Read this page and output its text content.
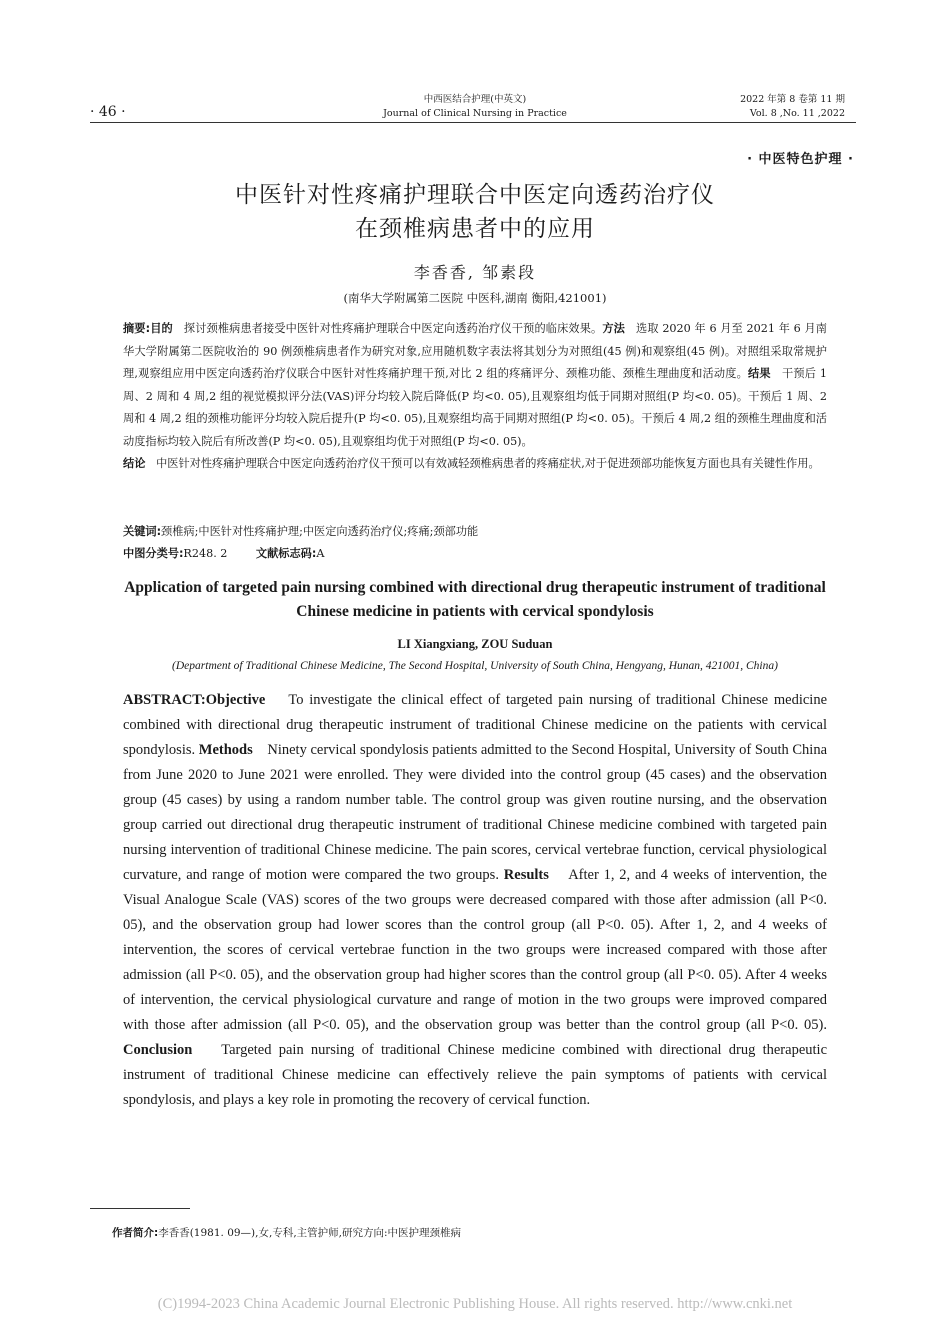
· 46 ·
中西医结合护理(中英文)
Journal of Clinical Nursing in Practice
2022 年第 8 卷第 11 期
Vol. 8 ,No. 11 ,2022
· 中医特色护理 ·
中医针对性疼痛护理联合中医定向透药治疗仪
在颈椎病患者中的应用
李香香, 邹素段
(南华大学附属第二医院 中医科,湖南 衡阳,421001)
摘要:目的 探讨颈椎病患者接受中医针对性疼痛护理联合中医定向透药治疗仪干预的临床效果。方法 选取 2020 年 6 月至 2021 年 6 月南华大学附属第二医院收治的 90 例颈椎病患者作为研究对象,应用随机数字表法将其划分为对照组(45 例)和观察组(45 例)。对照组采取常规护理,观察组应用中医定向透药治疗仪联合中医针对性疼痛护理干预,对比 2 组的疼痛评分、颈椎功能、颈椎生理曲度和活动度。结果 干预后 1 周、2 周和 4 周,2 组的视觉模拟评分法(VAS)评分均较入院后降低(P 均<0. 05),且观察组均低于同期对照组(P 均<0. 05)。干预后 1 周、2 周和 4 周,2 组的颈椎功能评分均较入院后提升(P 均<0. 05),且观察组均高于同期对照组(P 均<0. 05)。干预后 4 周,2 组的颈椎生理曲度和活动度指标均较入院后有所改善(P 均<0. 05),且观察组均优于对照组(P 均<0. 05)。
结论 中医针对性疼痛护理联合中医定向透药治疗仪干预可以有效减轻颈椎病患者的疼痛症状,对于促进颈部功能恢复方面也具有关键性作用。
关键词:颈椎病;中医针对性疼痛护理;中医定向透药治疗仪;疼痛;颈部功能
中图分类号:R248. 2	文献标志码:A
Application of targeted pain nursing combined with directional drug therapeutic instrument of traditional Chinese medicine in patients with cervical spondylosis
LI Xiangxiang, ZOU Suduan
(Department of Traditional Chinese Medicine, The Second Hospital, University of South China, Hengyang, Hunan, 421001, China)
ABSTRACT:Objective To investigate the clinical effect of targeted pain nursing of traditional Chinese medicine combined with directional drug therapeutic instrument of traditional Chinese medicine on the patients with cervical spondylosis. Methods Ninety cervical spondylosis patients admitted to the Second Hospital, University of South China from June 2020 to June 2021 were enrolled. They were divided into the control group (45 cases) and the observation group (45 cases) by using a random number table. The control group was given routine nursing, and the observation group carried out directional drug therapeutic instrument of traditional Chinese medicine combined with targeted pain nursing intervention of traditional Chinese medicine. The pain scores, cervical vertebrae function, cervical physiological curvature, and range of motion were compared the two groups. Results After 1, 2, and 4 weeks of intervention, the Visual Analogue Scale (VAS) scores of the two groups were decreased compared with those after admission (all P<0. 05), and the observation group had lower scores than the control group (all P<0. 05). After 1, 2, and 4 weeks of intervention, the scores of cervical vertebrae function in the two groups were increased compared with those after admission (all P<0. 05), and the observation group had higher scores than the control group (all P<0. 05). After 4 weeks of intervention, the cervical physiological curvature and range of motion in the two groups were improved compared with those after admission (all P<0. 05), and the observation group was better than the control group (all P<0. 05). Conclusion Targeted pain nursing of traditional Chinese medicine combined with directional drug therapeutic instrument of traditional Chinese medicine can effectively relieve the pain symptoms of patients with cervical spondylosis, and plays a key role in promoting the recovery of cervical function.
作者简介:李香香(1981. 09—),女,专科,主管护师,研究方向:中医护理颈椎病
(C)1994-2023 China Academic Journal Electronic Publishing House. All rights reserved. http://www.cnki.net
